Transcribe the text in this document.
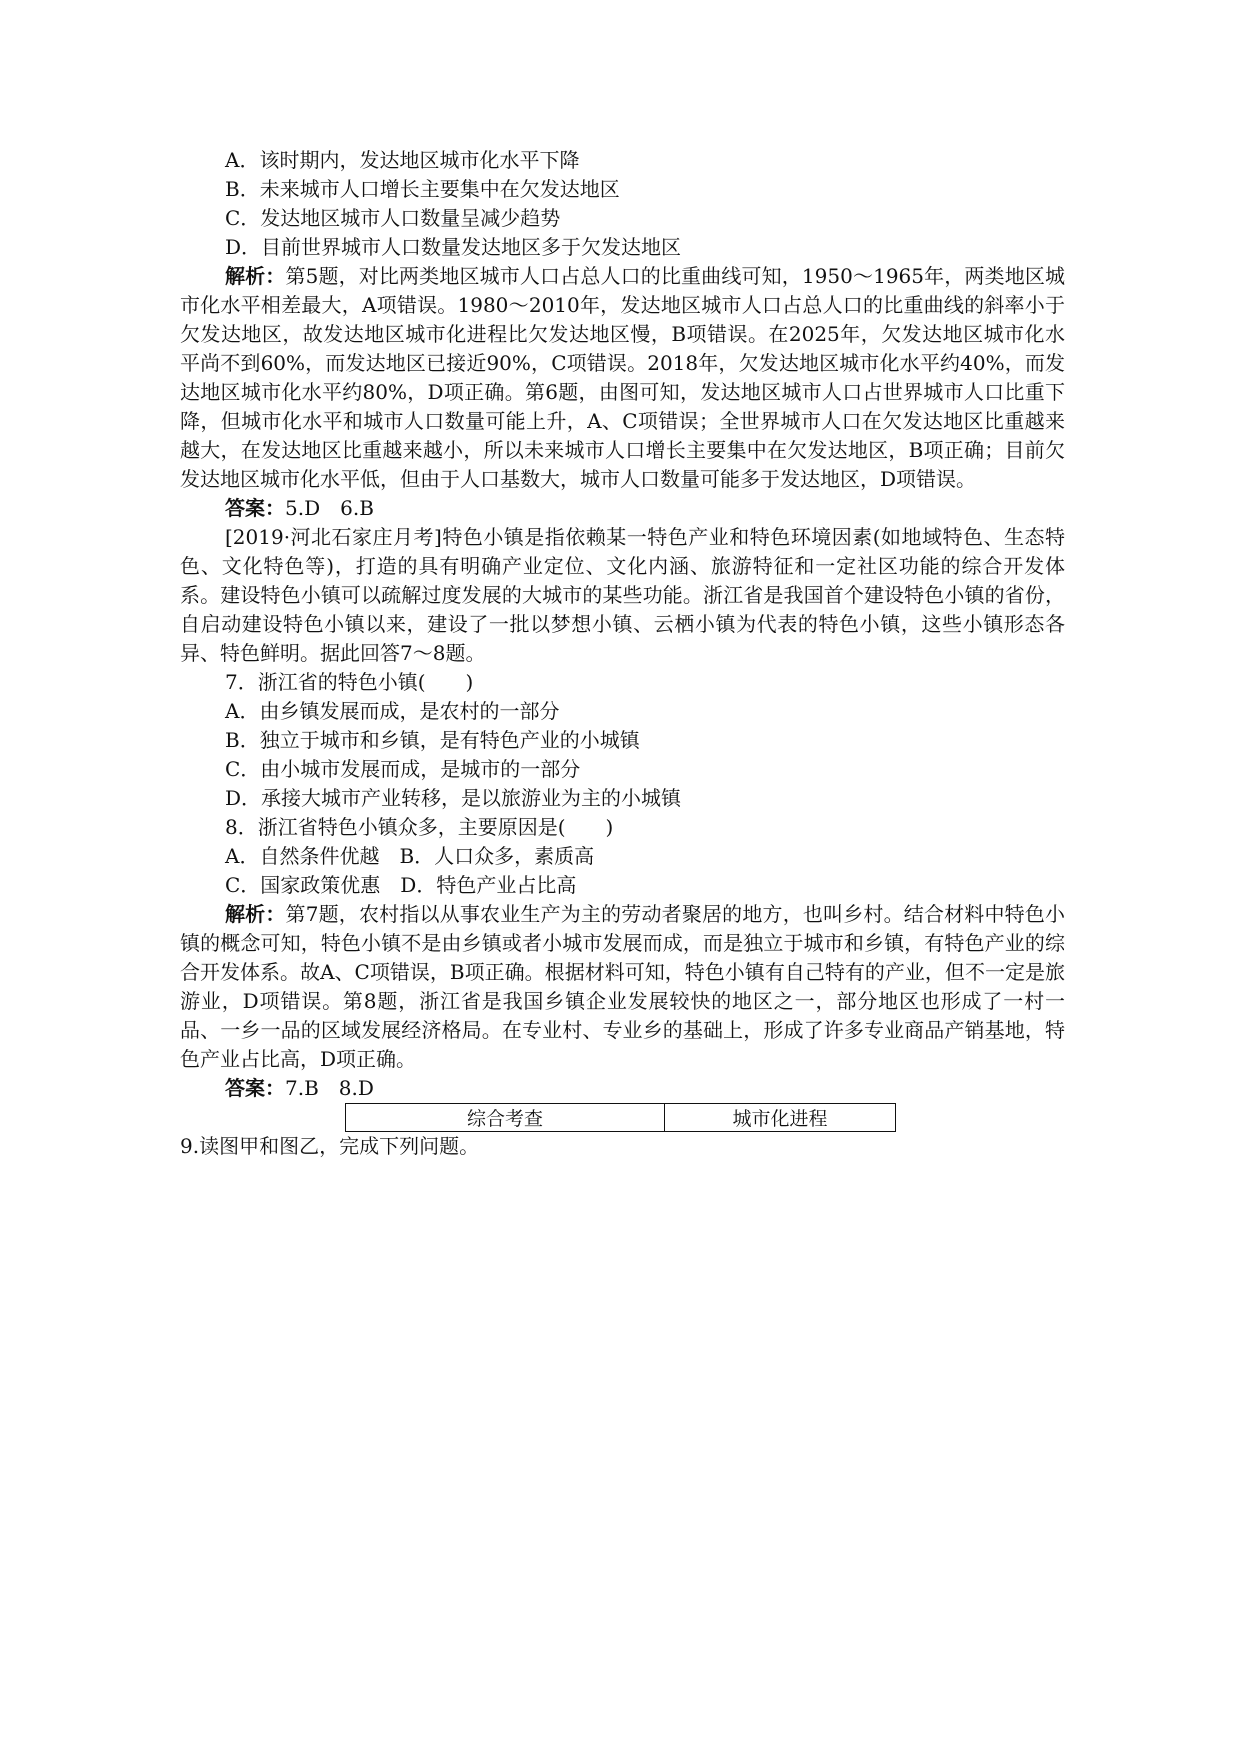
A．该时期内，发达地区城市化水平下降
B．未来城市人口增长主要集中在欠发达地区
C．发达地区城市人口数量呈减少趋势
D．目前世界城市人口数量发达地区多于欠发达地区
解析：第5题，对比两类地区城市人口占总人口的比重曲线可知，1950～1965年，两类地区城市化水平相差最大，A项错误。1980～2010年，发达地区城市人口占总人口的比重曲线的斜率小于欠发达地区，故发达地区城市化进程比欠发达地区慢，B项错误。在2025年，欠发达地区城市化水平尚不到60%，而发达地区已接近90%，C项错误。2018年，欠发达地区城市化水平约40%，而发达地区城市化水平约80%，D项正确。第6题，由图可知，发达地区城市人口占世界城市人口比重下降，但城市化水平和城市人口数量可能上升，A、C项错误；全世界城市人口在欠发达地区比重越来越大，在发达地区比重越来越小，所以未来城市人口增长主要集中在欠发达地区，B项正确；目前欠发达地区城市化水平低，但由于人口基数大，城市人口数量可能多于发达地区，D项错误。
答案：5.D　6.B
[2019·河北石家庄月考]特色小镇是指依赖某一特色产业和特色环境因素(如地域特色、生态特色、文化特色等)，打造的具有明确产业定位、文化内涵、旅游特征和一定社区功能的综合开发体系。建设特色小镇可以疏解过度发展的大城市的某些功能。浙江省是我国首个建设特色小镇的省份，自启动建设特色小镇以来，建设了一批以梦想小镇、云栖小镇为代表的特色小镇，这些小镇形态各异、特色鲜明。据此回答7～8题。
7．浙江省的特色小镇(　　)
A．由乡镇发展而成，是农村的一部分
B．独立于城市和乡镇，是有特色产业的小城镇
C．由小城市发展而成，是城市的一部分
D．承接大城市产业转移，是以旅游业为主的小城镇
8．浙江省特色小镇众多，主要原因是(　　)
A．自然条件优越　B．人口众多，素质高
C．国家政策优惠　D．特色产业占比高
解析：第7题，农村指以从事农业生产为主的劳动者聚居的地方，也叫乡村。结合材料中特色小镇的概念可知，特色小镇不是由乡镇或者小城市发展而成，而是独立于城市和乡镇，有特色产业的综合开发体系。故A、C项错误，B项正确。根据材料可知，特色小镇有自己特有的产业，但不一定是旅游业，D项错误。第8题，浙江省是我国乡镇企业发展较快的地区之一，部分地区也形成了一村一品、一乡一品的区域发展经济格局。在专业村、专业乡的基础上，形成了许多专业商品产销基地，特色产业占比高，D项正确。
答案：7.B　8.D
综合考查	城市化进程
9.读图甲和图乙，完成下列问题。
